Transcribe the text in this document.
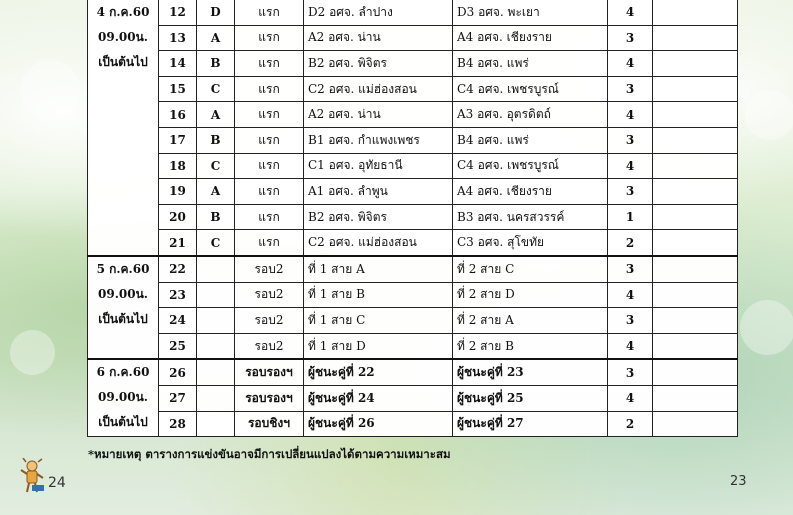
4 ก.ค.60
09.00น.
เป็นต้นไป	12	D	แรก	D2 อศจ. ลำปาง	D3 อศจ. พะเยา	4	
	13	A	แรก	A2 อศจ. น่าน	A4 อศจ. เชียงราย	3	
	14	B	แรก	B2 อศจ. พิจิตร	B4 อศจ. แพร่	4	
	15	C	แรก	C2 อศจ. แม่ฮ่องสอน	C4 อศจ. เพชรบูรณ์	3	
	16	A	แรก	A2 อศจ. น่าน	A3 อศจ. อุตรดิตถ์	4	
	17	B	แรก	B1 อศจ. กำแพงเพชร	B4 อศจ. แพร่	3	
	18	C	แรก	C1 อศจ. อุทัยธานี	C4 อศจ. เพชรบูรณ์	4	
	19	A	แรก	A1 อศจ. ลำพูน	A4 อศจ. เชียงราย	3	
	20	B	แรก	B2 อศจ. พิจิตร	B3 อศจ. นครสวรรค์	1	
	21	C	แรก	C2 อศจ. แม่ฮ่องสอน	C3 อศจ. สุโขทัย	2	

5 ก.ค.60
09.00น.
เป็นต้นไป	22		รอบ2	ที่ 1 สาย A	ที่ 2 สาย C	3	
	23		รอบ2	ที่ 1 สาย B	ที่ 2 สาย D	4	
	24		รอบ2	ที่ 1 สาย C	ที่ 2 สาย A	3	
	25		รอบ2	ที่ 1 สาย D	ที่ 2 สาย B	4	

6 ก.ค.60
09.00น.
เป็นต้นไป	26		รอบรองฯ	ผู้ชนะคู่ที่ 22	ผู้ชนะคู่ที่ 23	3	
	27		รอบรองฯ	ผู้ชนะคู่ที่ 24	ผู้ชนะคู่ที่ 25	4	
	28		รอบชิงฯ	ผู้ชนะคู่ที่ 26	ผู้ชนะคู่ที่ 27	2	
*หมายเหตุ ตารางการแข่งขันอาจมีการเปลี่ยนแปลงได้ตามความเหมาะสม
24	23
